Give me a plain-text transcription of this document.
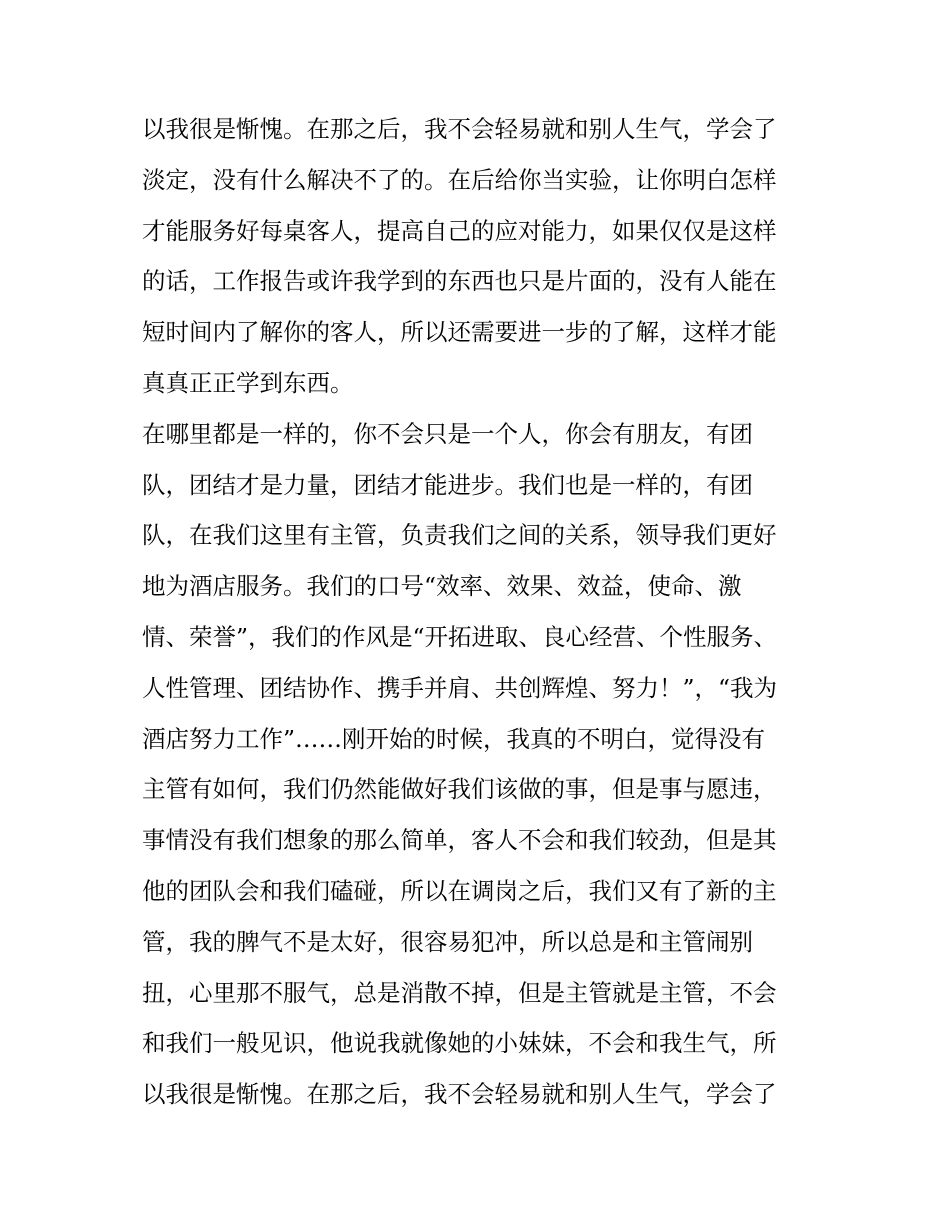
以我很是惭愧。在那之后，我不会轻易就和别人生气，学会了
淡定，没有什么解决不了的。在后给你当实验，让你明白怎样
才能服务好每桌客人，提高自己的应对能力，如果仅仅是这样
的话，工作报告或许我学到的东西也只是片面的，没有人能在
短时间内了解你的客人，所以还需要进一步的了解，这样才能
真真正正学到东西。
在哪里都是一样的，你不会只是一个人，你会有朋友，有团
队，团结才是力量，团结才能进步。我们也是一样的，有团
队，在我们这里有主管，负责我们之间的关系，领导我们更好
地为酒店服务。我们的口号“效率、效果、效益，使命、激
情、荣誉”，我们的作风是“开拓进取、良心经营、个性服务、
人性管理、团结协作、携手并肩、共创辉煌、努力！”，“我为
酒店努力工作”……刚开始的时候，我真的不明白，觉得没有
主管有如何，我们仍然能做好我们该做的事，但是事与愿违，
事情没有我们想象的那么简单，客人不会和我们较劲，但是其
他的团队会和我们磕碰，所以在调岗之后，我们又有了新的主
管，我的脾气不是太好，很容易犯冲，所以总是和主管闹别
扭，心里那不服气，总是消散不掉，但是主管就是主管，不会
和我们一般见识，他说我就像她的小妹妹，不会和我生气，所
以我很是惭愧。在那之后，我不会轻易就和别人生气，学会了
